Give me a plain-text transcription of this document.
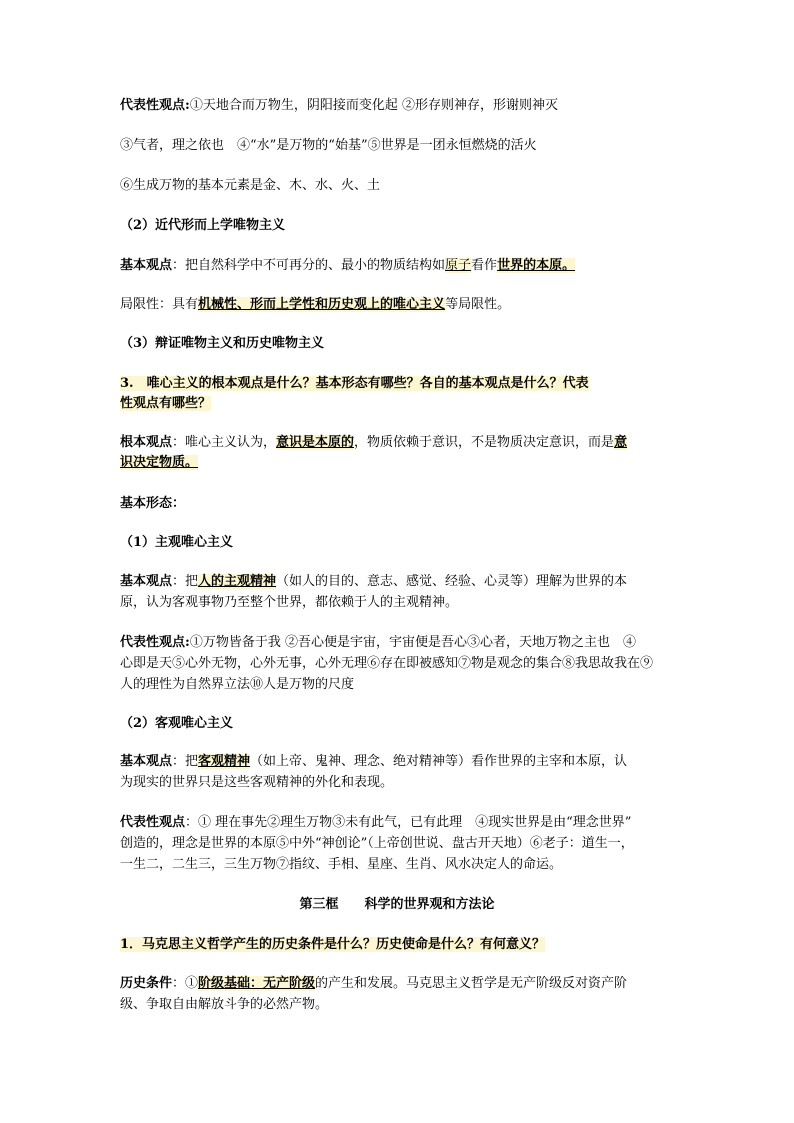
代表性观点:①天地合而万物生，阴阳接而变化起 ②形存则神存，形谢则神灭
③气者，理之依也　④“水”是万物的“始基”⑤世界是一团永恒燃烧的活火
⑥生成万物的基本元素是金、木、水、火、土
（2）近代形而上学唯物主义
基本观点：把自然科学中不可再分的、最小的物质结构如原子看作世界的本原。
局限性：具有机械性、形而上学性和历史观上的唯心主义等局限性。
（3）辩证唯物主义和历史唯物主义
3.　唯心主义的根本观点是什么？基本形态有哪些？各自的基本观点是什么？代表
性观点有哪些？
根本观点：唯心主义认为，意识是本原的，物质依赖于意识，不是物质决定意识，而是意
识决定物质。
基本形态：
（1）主观唯心主义
基本观点：把人的主观精神（如人的目的、意志、感觉、经验、心灵等）理解为世界的本
原，认为客观事物乃至整个世界，都依赖于人的主观精神。
代表性观点:①万物皆备于我 ②吾心便是宇宙，宇宙便是吾心③心者，天地万物之主也　④
心即是天⑤心外无物，心外无事，心外无理⑥存在即被感知⑦物是观念的集合⑧我思故我在⑨
人的理性为自然界立法⑩人是万物的尺度
（2）客观唯心主义
基本观点：把客观精神（如上帝、鬼神、理念、绝对精神等）看作世界的主宰和本原，认
为现实的世界只是这些客观精神的外化和表现。
代表性观点：① 理在事先②理生万物③未有此气，已有此理　④现实世界是由“理念世界”
创造的，理念是世界的本原⑤中外“神创论”（上帝创世说、盘古开天地）⑥老子：道生一，
一生二，二生三，三生万物⑦指纹、手相、星座、生肖、风水决定人的命运。
第三框　　科学的世界观和方法论
1．马克思主义哲学产生的历史条件是什么？历史使命是什么？有何意义？
历史条件：①阶级基础：无产阶级的产生和发展。马克思主义哲学是无产阶级反对资产阶
级、争取自由解放斗争的必然产物。
